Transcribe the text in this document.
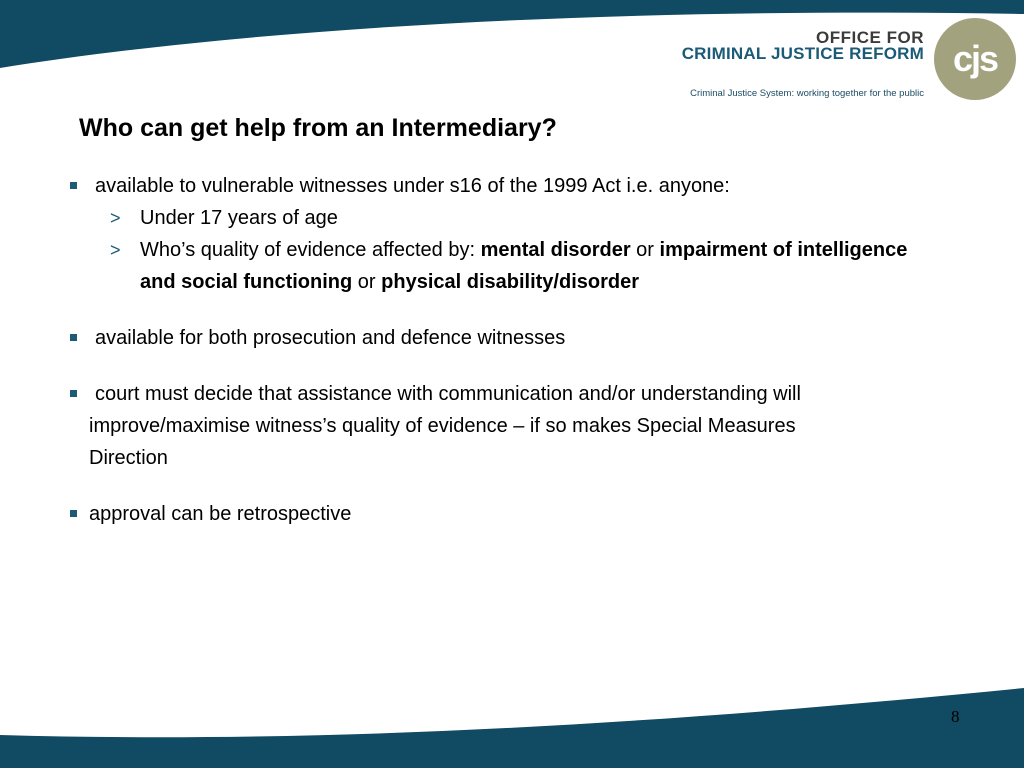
OFFICE FOR
CRIMINAL JUSTICE REFORM
Criminal Justice System: working together for the public
cjs
Who can get help from an Intermediary?
available to vulnerable witnesses under s16 of the 1999 Act i.e. anyone:
> Under 17 years of age
> Who’s quality of evidence affected by: mental disorder or impairment of intelligence and social functioning or physical disability/disorder
available for both prosecution and defence witnesses
court must decide that assistance with communication and/or understanding will
improve/maximise witness’s quality of evidence – if so makes Special Measures
Direction
approval can be retrospective
8
